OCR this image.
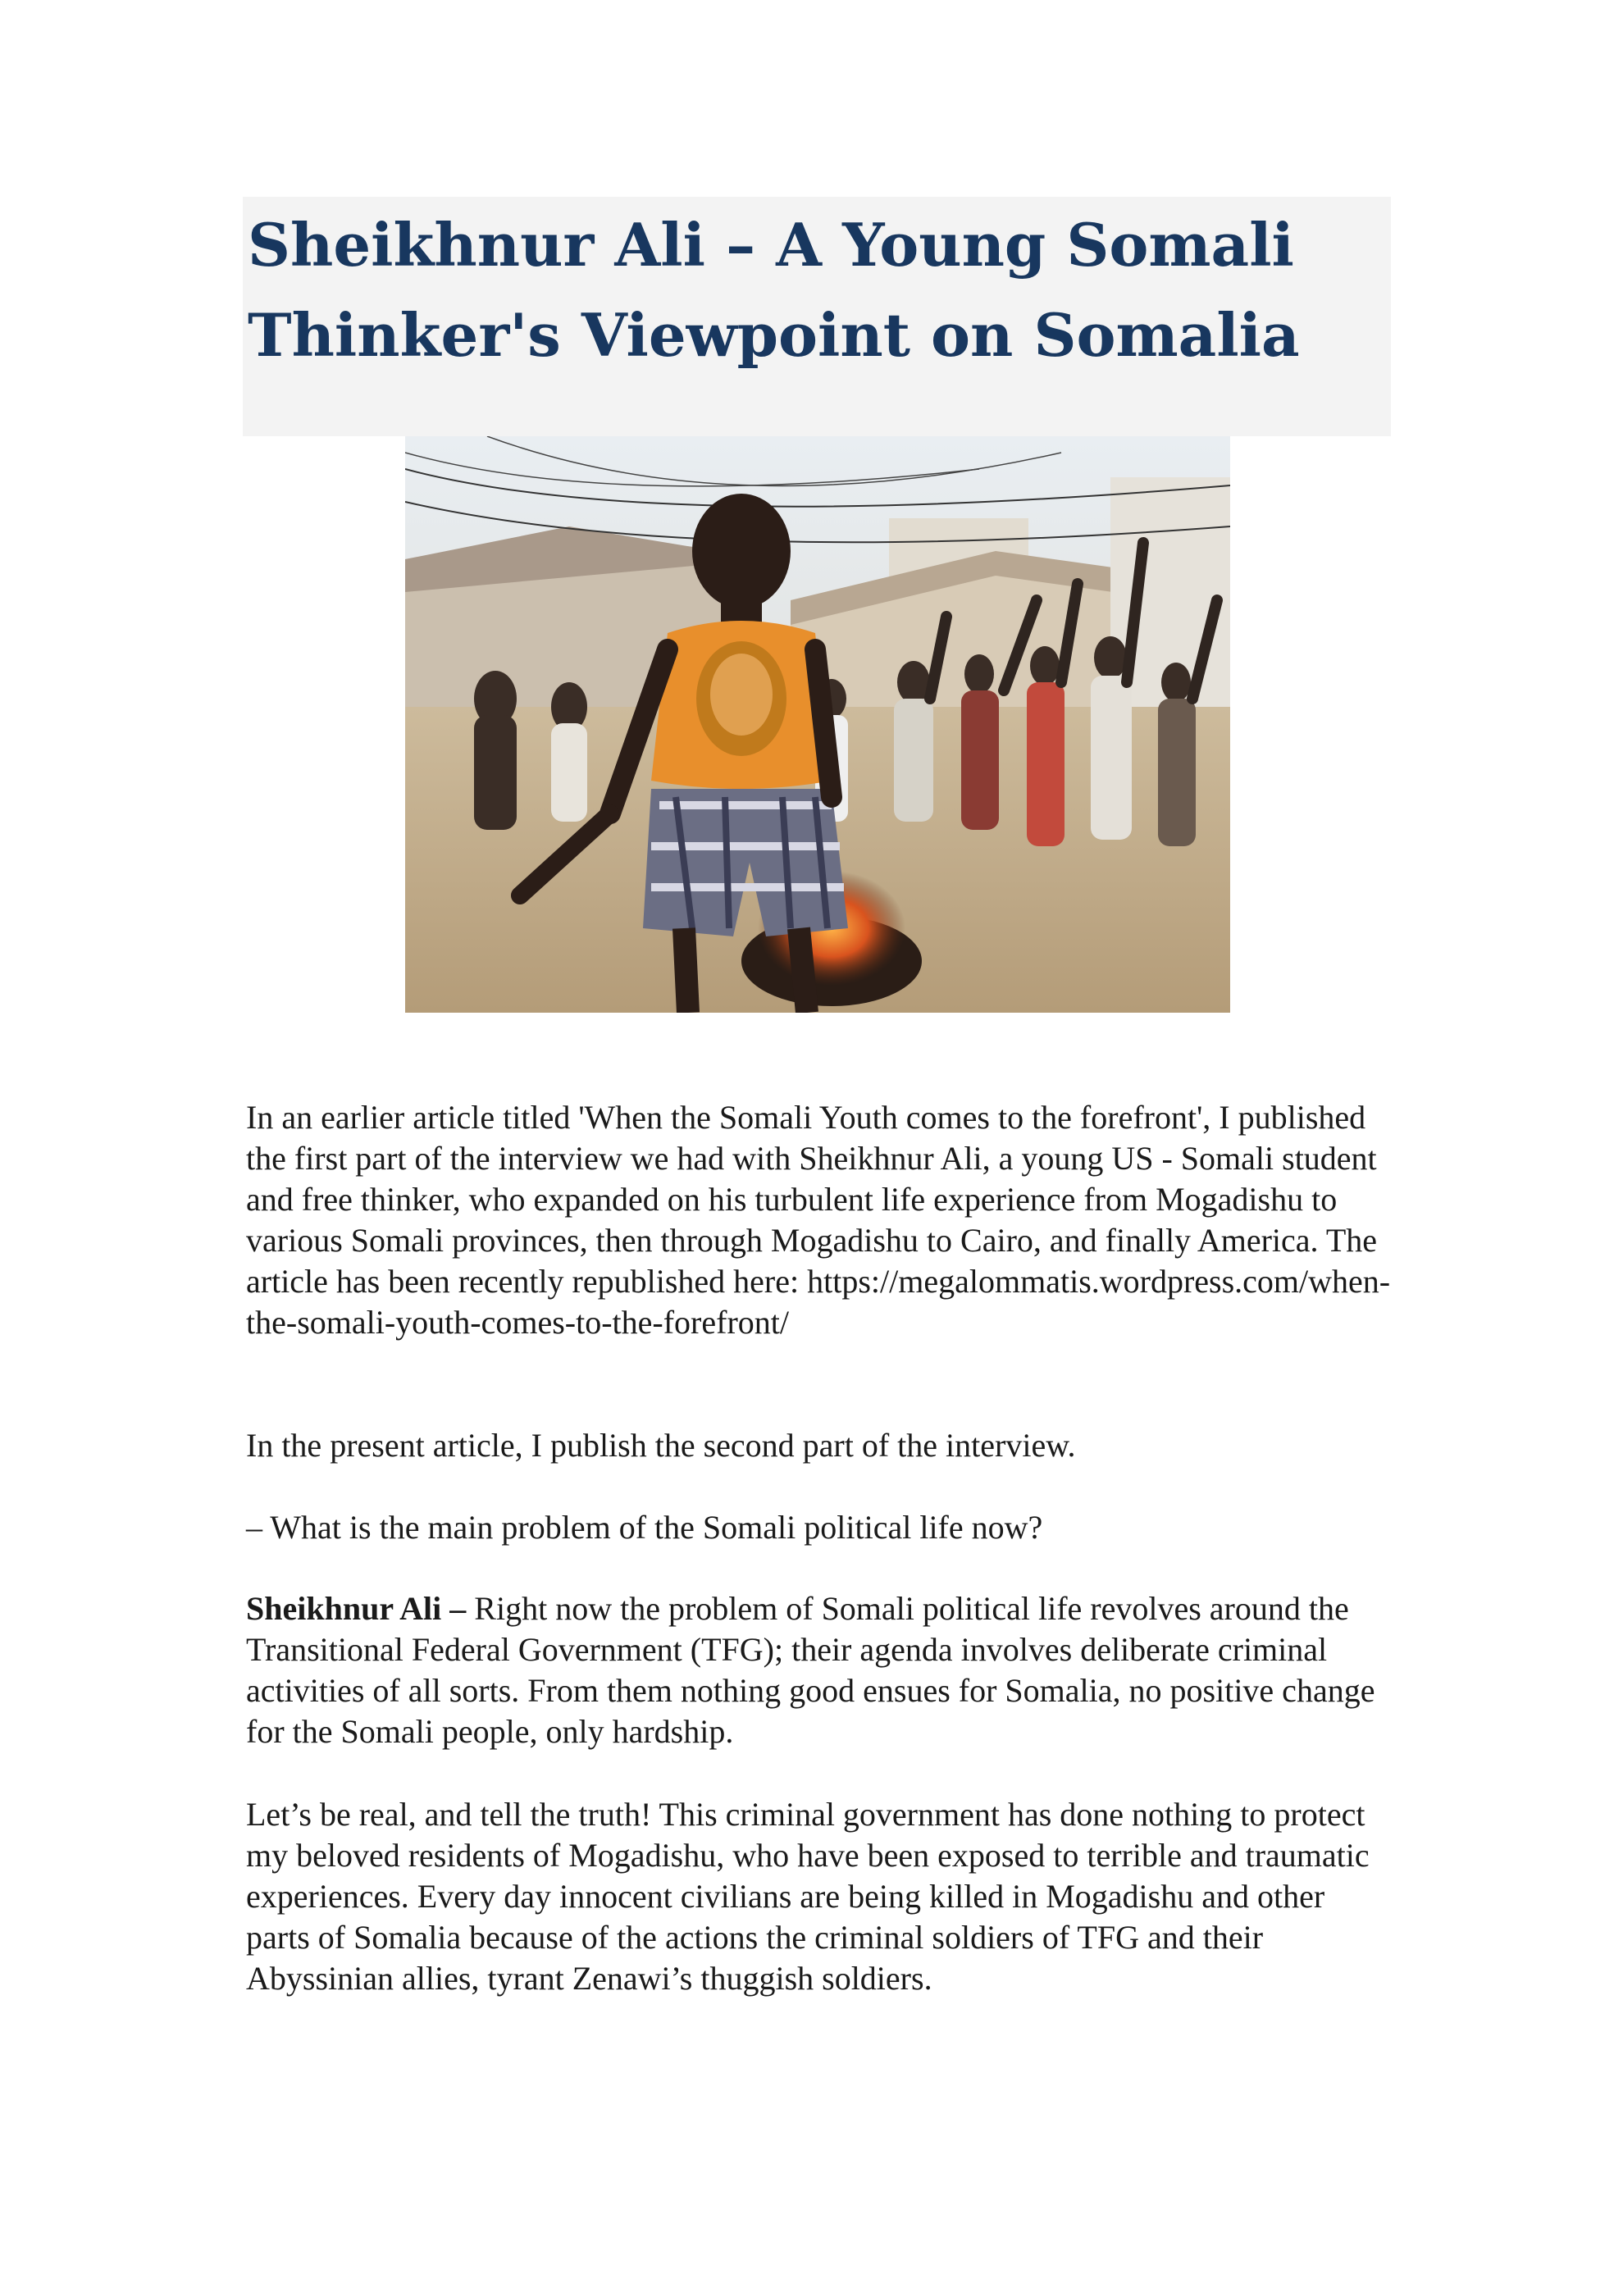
Sheikhnur Ali – A Young Somali Thinker's Viewpoint on Somalia

In an earlier article titled 'When the Somali Youth comes to the forefront', I published the first part of the interview we had with Sheikhnur Ali, a young US - Somali student and free thinker, who expanded on his turbulent life experience from Mogadishu to various Somali provinces, then through Mogadishu to Cairo, and finally America. The article has been recently republished here: https://megalommatis.wordpress.com/when-the-somali-youth-comes-to-the-forefront/

In the present article, I publish the second part of the interview.

– What is the main problem of the Somali political life now?

Sheikhnur Ali – Right now the problem of Somali political life revolves around the Transitional Federal Government (TFG); their agenda involves deliberate criminal activities of all sorts. From them nothing good ensues for Somalia, no positive change for the Somali people, only hardship.

Let’s be real, and tell the truth! This criminal government has done nothing to protect my beloved residents of Mogadishu, who have been exposed to terrible and traumatic experiences. Every day innocent civilians are being killed in Mogadishu and other parts of Somalia because of the actions the criminal soldiers of TFG and their Abyssinian allies, tyrant Zenawi’s thuggish soldiers.
